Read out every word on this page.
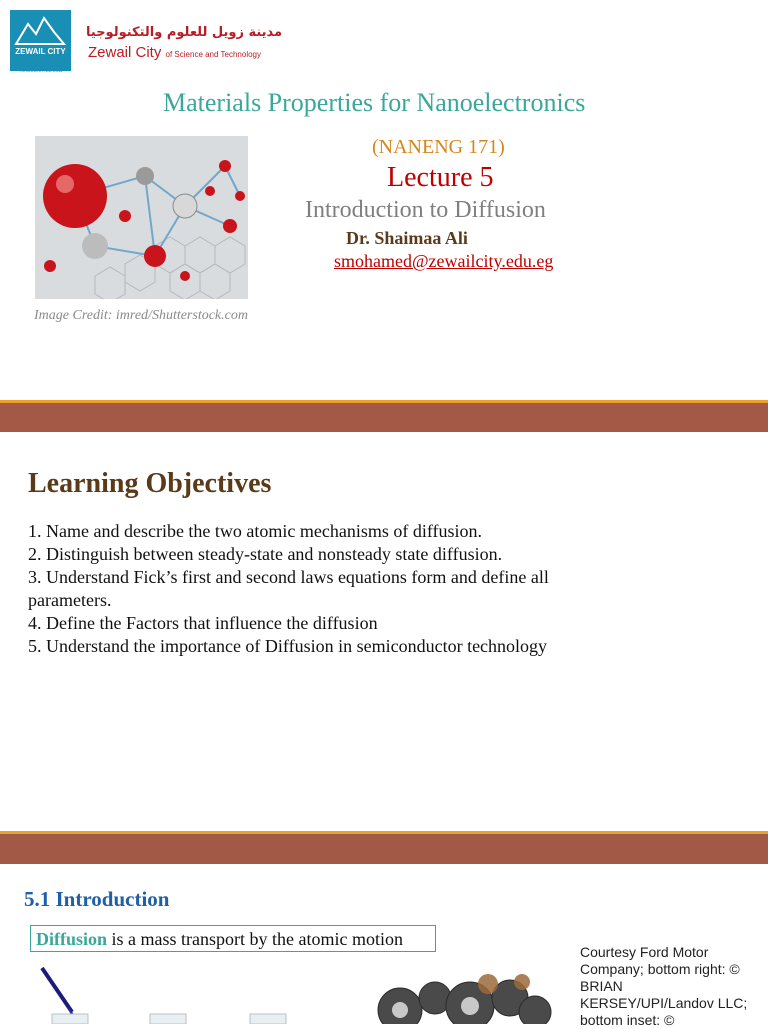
ZEWAIL CITY
ESTABLISHED 2000
INAUGURATED 2011
مدينة زويل للعلوم والتكنولوجيا
Zewail City of Science and Technology
Materials Properties for Nanoelectronics
(NANENG 171)
Lecture 5
Introduction to Diffusion
Dr. Shaimaa Ali
smohamed@zewailcity.edu.eg
Image Credit: imred/Shutterstock.com
Learning Objectives
1. Name and describe the two atomic mechanisms of diffusion.
2. Distinguish between steady-state and nonsteady state diffusion.
3. Understand Fick’s first and second laws equations form and define all parameters.
4. Define the Factors that influence the diffusion
5. Understand the importance of Diffusion in semiconductor technology
5.1 Introduction
Diffusion is a mass transport by the atomic motion
Courtesy Ford Motor Company; bottom right: © BRIAN KERSEY/UPI/Landov LLC; bottom inset: ©
